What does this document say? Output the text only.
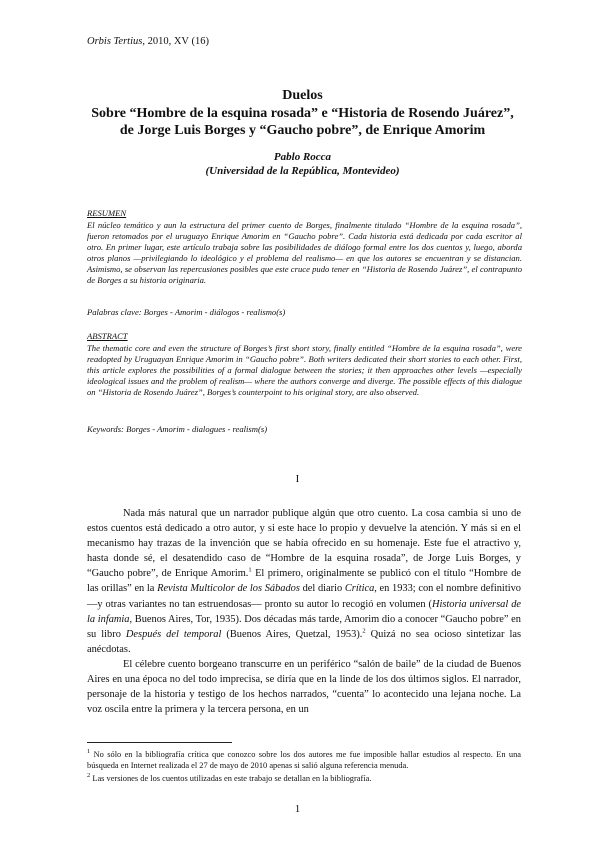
Orbis Tertius, 2010, XV (16)
Duelos
Sobre “Hombre de la esquina rosada” e “Historia de Rosendo Juárez”,
de Jorge Luis Borges y “Gaucho pobre”, de Enrique Amorim
Pablo Rocca
(Universidad de la República, Montevideo)
RESUMEN

El núcleo temático y aun la estructura del primer cuento de Borges, finalmente titulado “Hombre de la esquina rosada”, fueron retomados por el uruguayo Enrique Amorim en “Gaucho pobre”. Cada historia está dedicada por cada escritor al otro. En primer lugar, este artículo trabaja sobre las posibilidades de diálogo formal entre los dos cuentos y, luego, aborda otros planos —privilegiando lo ideológico y el problema del realismo— en que los autores se encuentran y se distancian. Asimismo, se observan las repercusiones posibles que este cruce pudo tener en “Historia de Rosendo Juárez”, el contrapunto de Borges a su historia originaria.

Palabras clave: Borges - Amorim - diálogos - realismo(s)
ABSTRACT

The thematic core and even the structure of Borges’s first short story, finally entitled “Hombre de la esquina rosada”, were readopted by Uruguayan Enrique Amorim in “Gaucho pobre”. Both writers dedicated their short stories to each other. First, this article explores the possibilities of a formal dialogue between the stories; it then approaches other levels —especially ideological issues and the problem of realism— where the authors converge and diverge. The possible effects of this dialogue on “Historia de Rosendo Juárez”, Borges’s counterpoint to his original story, are also observed.

Keywords: Borges - Amorim - dialogues - realism(s)
I

Nada más natural que un narrador publique algún que otro cuento. La cosa cambia si uno de estos cuentos está dedicado a otro autor, y si este hace lo propio y devuelve la atención. Y más si en el mecanismo hay trazas de la invención que se había ofrecido en su homenaje. Este fue el atractivo y, hasta donde sé, el desatendido caso de “Hombre de la esquina rosada”, de Jorge Luis Borges, y “Gaucho pobre”, de Enrique Amorim.$^1$ El primero, originalmente se publicó con el título “Hombre de las orillas” en la Revista Multicolor de los Sábados del diario Crítica, en 1933; con el nombre definitivo —y otras variantes no tan estruendosas— pronto su autor lo recogió en volumen (Historia universal de la infamia, Buenos Aires, Tor, 1935). Dos décadas más tarde, Amorim dio a conocer “Gaucho pobre” en su libro Después del temporal (Buenos Aires, Quetzal, 1953).$^2$ Quizá no sea ocioso sintetizar las anécdotas.

El célebre cuento borgeano transcurre en un periférico “salón de baile” de la ciudad de Buenos Aires en una época no del todo imprecisa, se diría que en la linde de los dos últimos siglos. El narrador, personaje de la historia y testigo de los hechos narrados, “cuenta” lo acontecido una lejana noche. La voz oscila entre la primera y la tercera persona, en un

$^1$ No sólo en la bibliografía crítica que conozco sobre los dos autores me fue imposible hallar estudios al respecto. En una búsqueda en Internet realizada el 27 de mayo de 2010 apenas si salió alguna referencia menuda.

$^2$ Las versiones de los cuentos utilizadas en este trabajo se detallan en la bibliografía.

1
